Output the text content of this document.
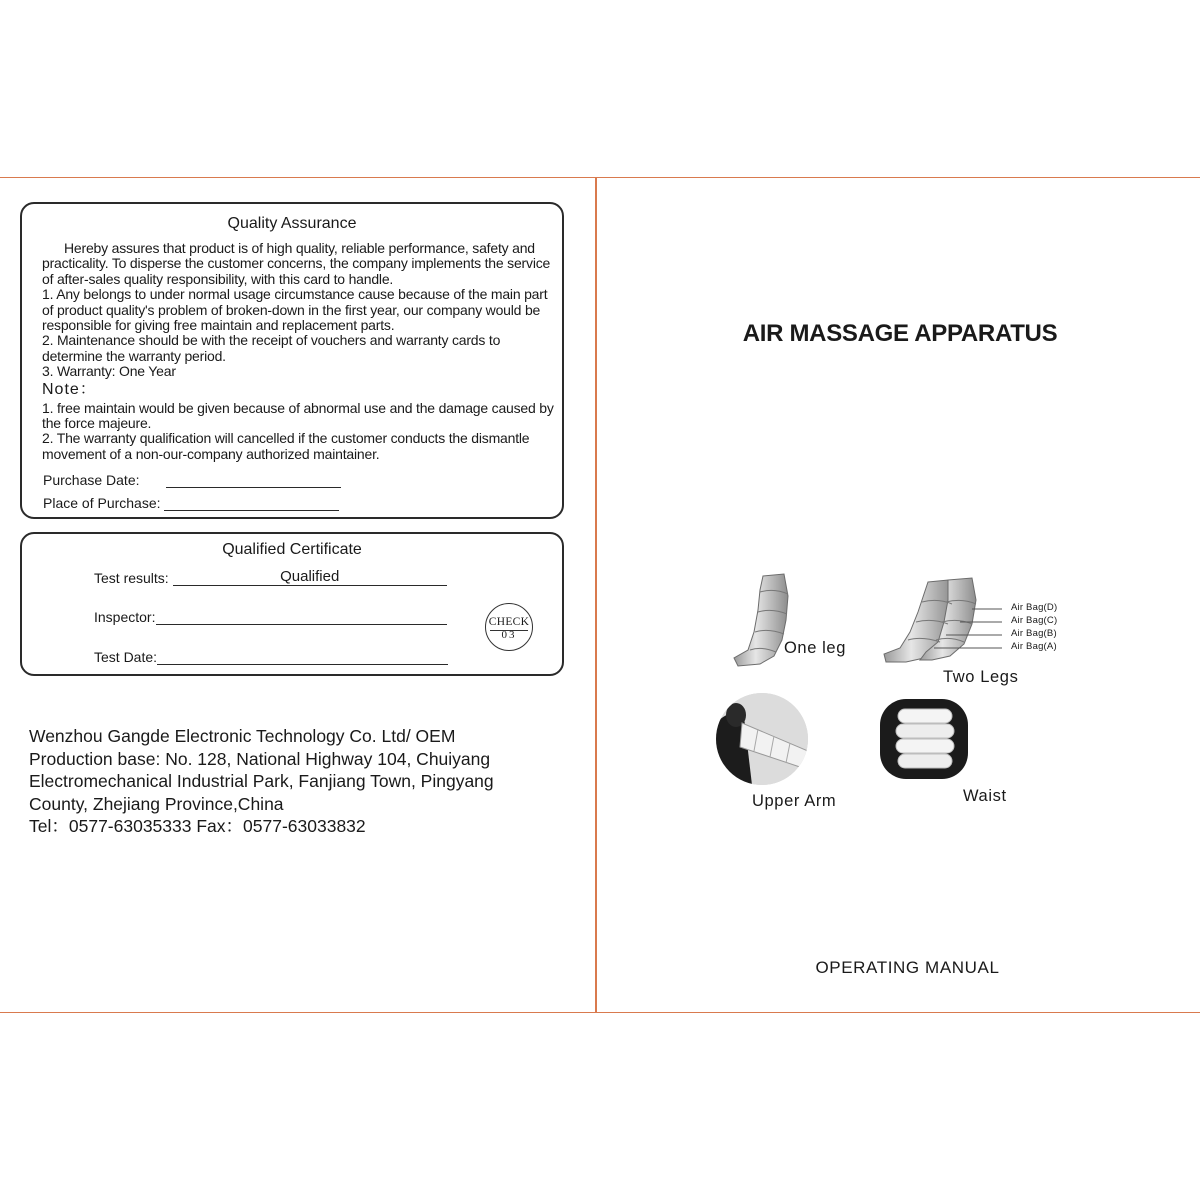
Quality Assurance

Hereby assures that product is of high quality, reliable performance, safety and practicality. To disperse the customer concerns, the company implements the service of after-sales quality responsibility, with this card to handle.

1. Any belongs to under normal usage circumstance cause because of the main part of product quality's problem of broken-down in the first year, our company would be responsible for giving free maintain and replacement parts.

2. Maintenance should be with the receipt of vouchers and warranty cards to determine the warranty period.

3. Warranty: One Year

Note：

1. free maintain would be given because of abnormal use and the damage caused by the force majeure.

2. The warranty qualification will cancelled if the customer conducts the dismantle movement of a non-our-company authorized maintainer.

Purchase Date:
Place of Purchase:
Qualified Certificate
Test results:	Qualified
Inspector:
Test Date:
CHECK
03

Wenzhou Gangde Electronic Technology Co. Ltd/ OEM

Production base: No. 128, National Highway 104, Chuiyang

Electromechanical Industrial Park, Fanjiang Town, Pingyang

County, Zhejiang Province,China

Tel：0577-63035333 Fax：0577-63033832

AIR MASSAGE APPARATUS
One leg
Air Bag(D)
Air Bag(C)
Air Bag(B)
Air Bag(A)
Two Legs
Upper Arm	Waist
OPERATING MANUAL
